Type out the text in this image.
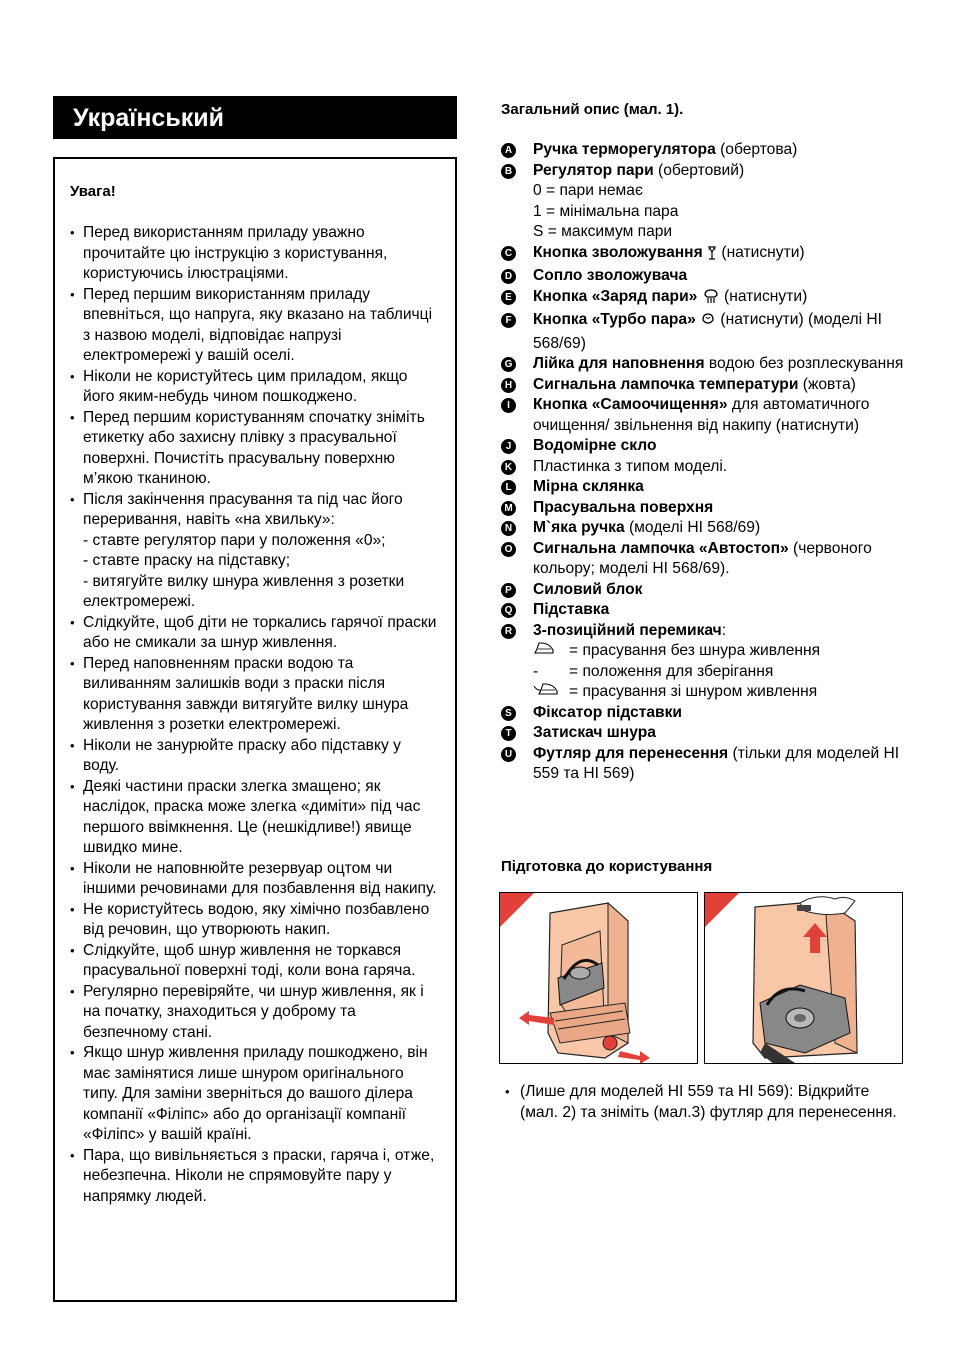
Український
Увага!
• Перед використанням приладу уважно прочитайте цю інструкцію з користування, користуючись ілюстраціями.
• Перед першим використанням приладу впевніться, що напруга, яку вказано на табличці з назвою моделі, відповідає напрузі електромережі у вашій оселі.
• Ніколи не користуйтесь цим приладом, якщо його яким-небудь чином пошкоджено.
• Перед першим користуванням спочатку зніміть етикетку або захисну плівку з прасувальної поверхні. Почистіть прасувальну поверхню м’якою тканиною.
• Після закінчення прасування та під час його переривання, навіть «на хвильку»:
- ставте регулятор пари у положення «0»;
- ставте праску на підставку;
- витягуйте вилку шнура живлення з розетки електромережі.
• Слідкуйте, щоб діти не торкались гарячої праски або не смикали за шнур живлення.
• Перед наповненням праски водою та виливанням залишків води з праски після користування завжди витягуйте вилку шнура живлення з розетки електромережі.
• Ніколи не занурюйте праску або підставку у воду.
• Деякі частини праски злегка змащено; як наслідок, праска може злегка «диміти» під час першого ввімкнення. Це (нешкідливе!) явище швидко мине.
• Ніколи не наповнюйте резервуар оцтом чи іншими речовинами для позбавлення від накипу.
• Не користуйтесь водою, яку хімічно позбавлено від речовин, що утворюють накип.
• Слідкуйте, щоб шнур живлення не торкався прасувальної поверхні тоді, коли вона гаряча.
• Регулярно перевіряйте, чи шнур живлення, як і на початку, знаходиться у доброму та безпечному стані.
• Якщо шнур живлення приладу пошкоджено, він має замінятися лише шнуром оригінального типу. Для заміни зверніться до вашого ділера компанії «Філіпс» або до організації компанії «Філіпс» у вашій країні.
• Пара, що вивільняється з праски, гаряча і, отже, небезпечна. Ніколи не спрямовуйте пару у напрямку людей.
Загальний опис (мал. 1).
A Ручка терморегулятора (обертова)
B Регулятор пари (обертовий)
0 = пари немає
1 = мінімальна пара
S = максимум пари
C Кнопка зволожування  (натиснути)
D Сопло зволожувача
E Кнопка «Заряд пари»  (натиснути)
F Кнопка «Турбо пара»  (натиснути) (моделі HI 568/69)
G Лійка для наповнення водою без розплескування
H Сигнальна лампочка температури (жовта)
I	Кнопка «Самоочищення» для автоматичного очищення/ звільнення від накипу (натиснути)
J	Водомірне скло
K Пластинка з типом моделі.
L Мірна склянка
M Прасувальна поверхня
N M`яка ручка (моделі HI 568/69)
O Сигнальна лампочка «Автостоп» (червоного кольору; моделі HI 568/69).
P Силовий блок
Q Підставка
R 3-позиційний перемикач:
= прасування без шнура живлення
-	= положення для зберігання
= прасування зі шнуром живлення
S Фіксатор підставки
T Затискач шнура
U Футляр для перенесення (тільки для моделей HI 559 та HI 569)
Підготовка до користування
• (Лише для моделей HI 559 та HI 569): Відкрийте (мал. 2) та зніміть (мал.3) футляр для перенесення.
